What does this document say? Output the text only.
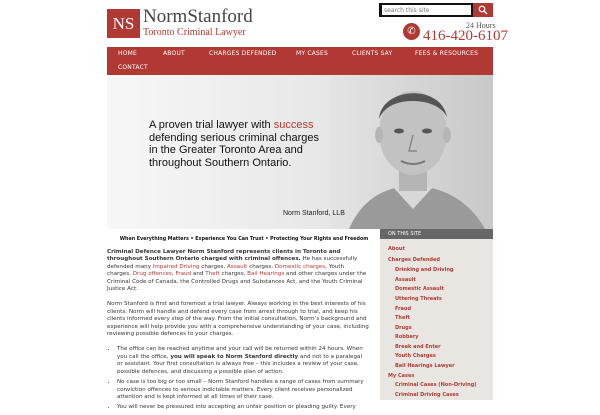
NS NormStanford
Toronto Criminal Lawyer
search this site	✆
24 Hours
416-420-6107
HOME	ABOUT	CHARGES DEFENDED	MY CASES	CLIENTS SAY	FEES & RESOURCES
CONTACT
A proven trial lawyer with success defending serious criminal charges in the Greater Toronto Area and throughout Southern Ontario.
Norm Stanford, LLB
When Everything Matters • Experience You Can Trust • Protecting Your Rights and Freedom

Criminal Defence Lawyer Norm Stanford represents clients in Toronto and throughout Southern Ontario charged with criminal offences. He has successfully defended many Impaired Driving charges, Assault charges, Domestic charges, Youth charges, Drug offences, Fraud and Theft charges, Bail Hearings and other charges under the Criminal Code of Canada, the Controlled Drugs and Substances Act, and the Youth Criminal Justice Act.

Norm Stanford is first and foremost a trial lawyer. Always working in the best interests of his clients, Norm will handle and defend every case from arrest through to trial, and keep his clients informed every step of the way. From the initial consultation, Norm’s background and experience will help provide you with a comprehensive understanding of your case, including reviewing possible defences to your charges.

• The office can be reached anytime and your call will be returned within 24 hours. When you call the office, you will speak to Norm Stanford directly and not to a paralegal or assistant. Your first consultation is always free – this includes a review of your case, possible defences, and discussing a possible plan of action.
• No case is too big or too small – Norm Stanford handles a range of cases from summary conviction offences to serious indictable matters. Every client receives personalized attention and is kept informed at all times of their case.
• You will never be pressured into accepting an unfair position or pleading guilty. Every
ON THIS SITE
About
Charges Defended
Drinking and Driving
Assault
Domestic Assault
Uttering Threats
Fraud
Theft
Drugs
Robbery
Break and Enter
Youth Charges
Bail Hearings Lawyer
My Cases
Criminal Cases (Non-Driving)
Criminal Driving Cases
